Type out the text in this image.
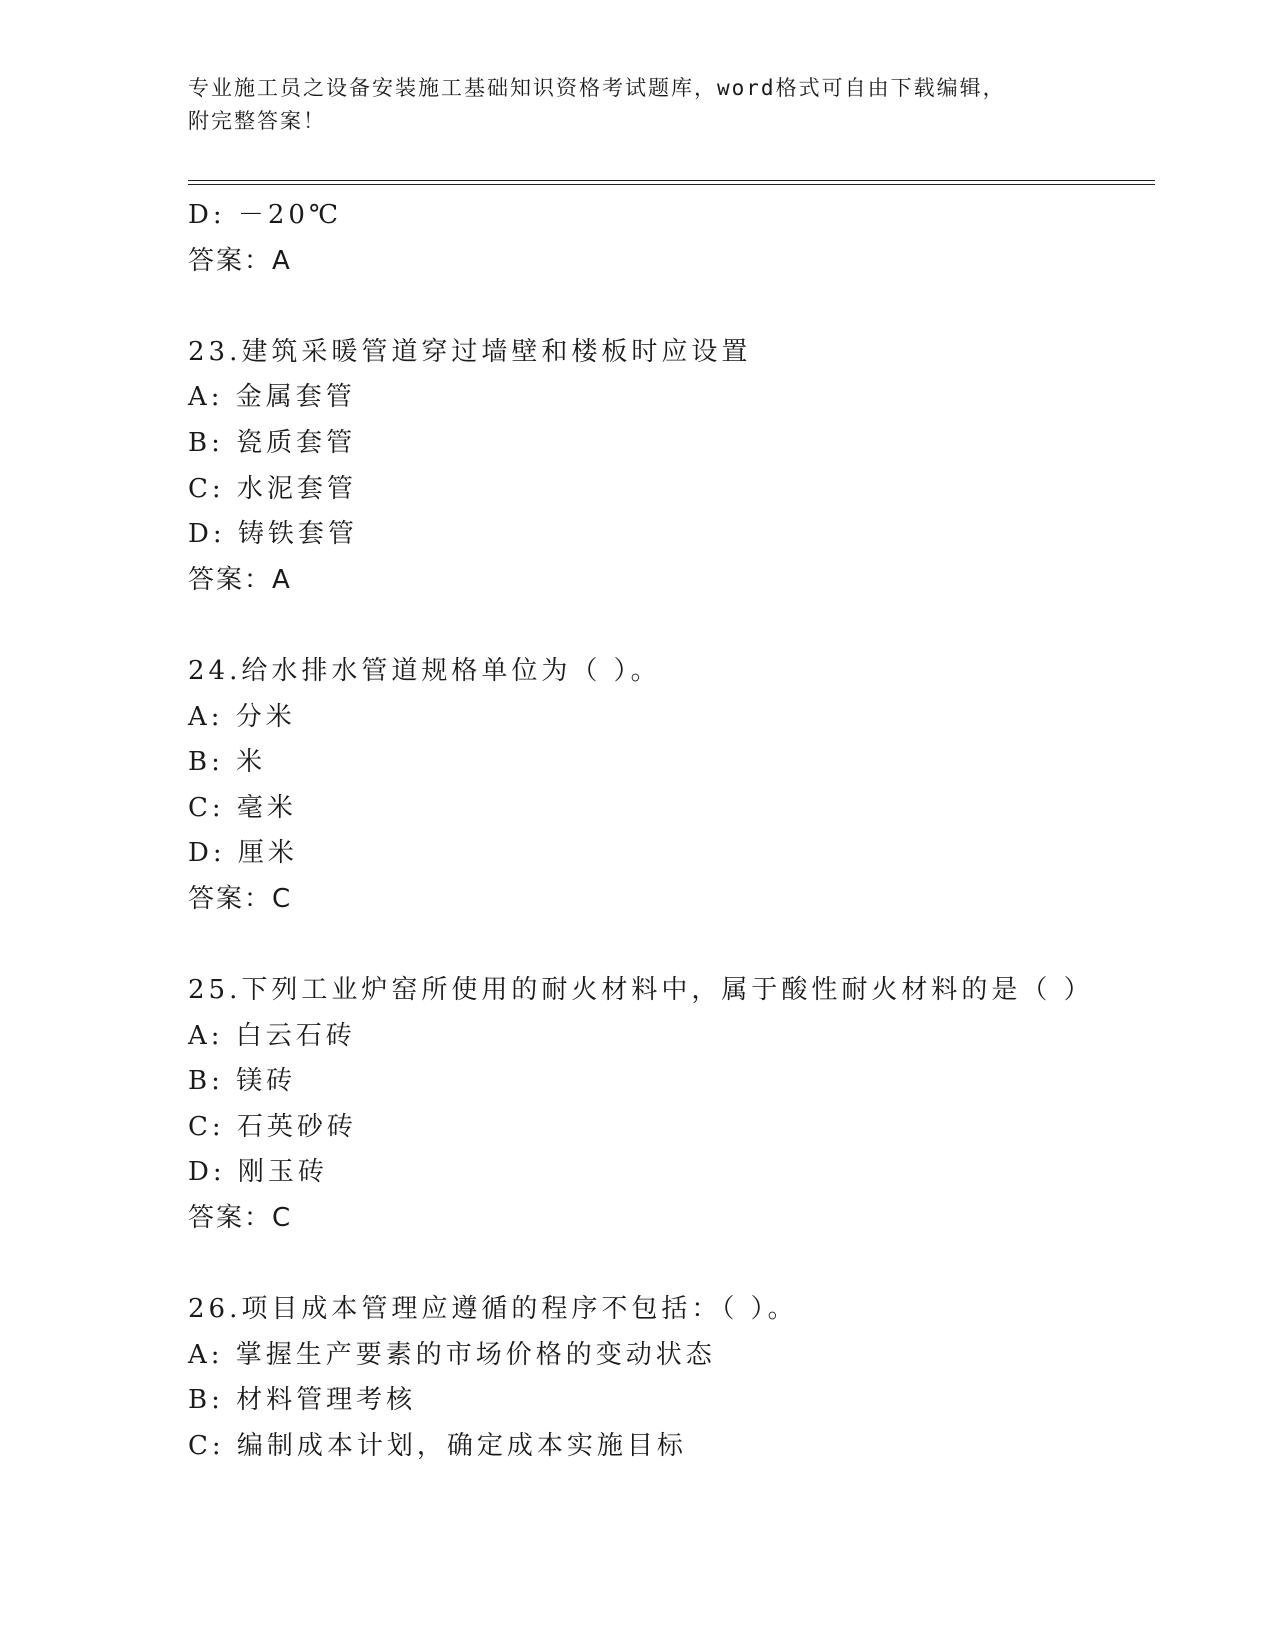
专业施工员之设备安装施工基础知识资格考试题库，word格式可自由下载编辑，
附完整答案！
D: －20℃
答案：A
23.建筑采暖管道穿过墙壁和楼板时应设置
A: 金属套管
B: 瓷质套管
C: 水泥套管
D: 铸铁套管
答案：A
24.给水排水管道规格单位为（ ）。
A: 分米
B: 米
C: 毫米
D: 厘米
答案：C
25.下列工业炉窑所使用的耐火材料中，属于酸性耐火材料的是（ ）
A: 白云石砖
B: 镁砖
C: 石英砂砖
D: 刚玉砖
答案：C
26.项目成本管理应遵循的程序不包括：（ ）。
A: 掌握生产要素的市场价格的变动状态
B: 材料管理考核
C: 编制成本计划，确定成本实施目标
